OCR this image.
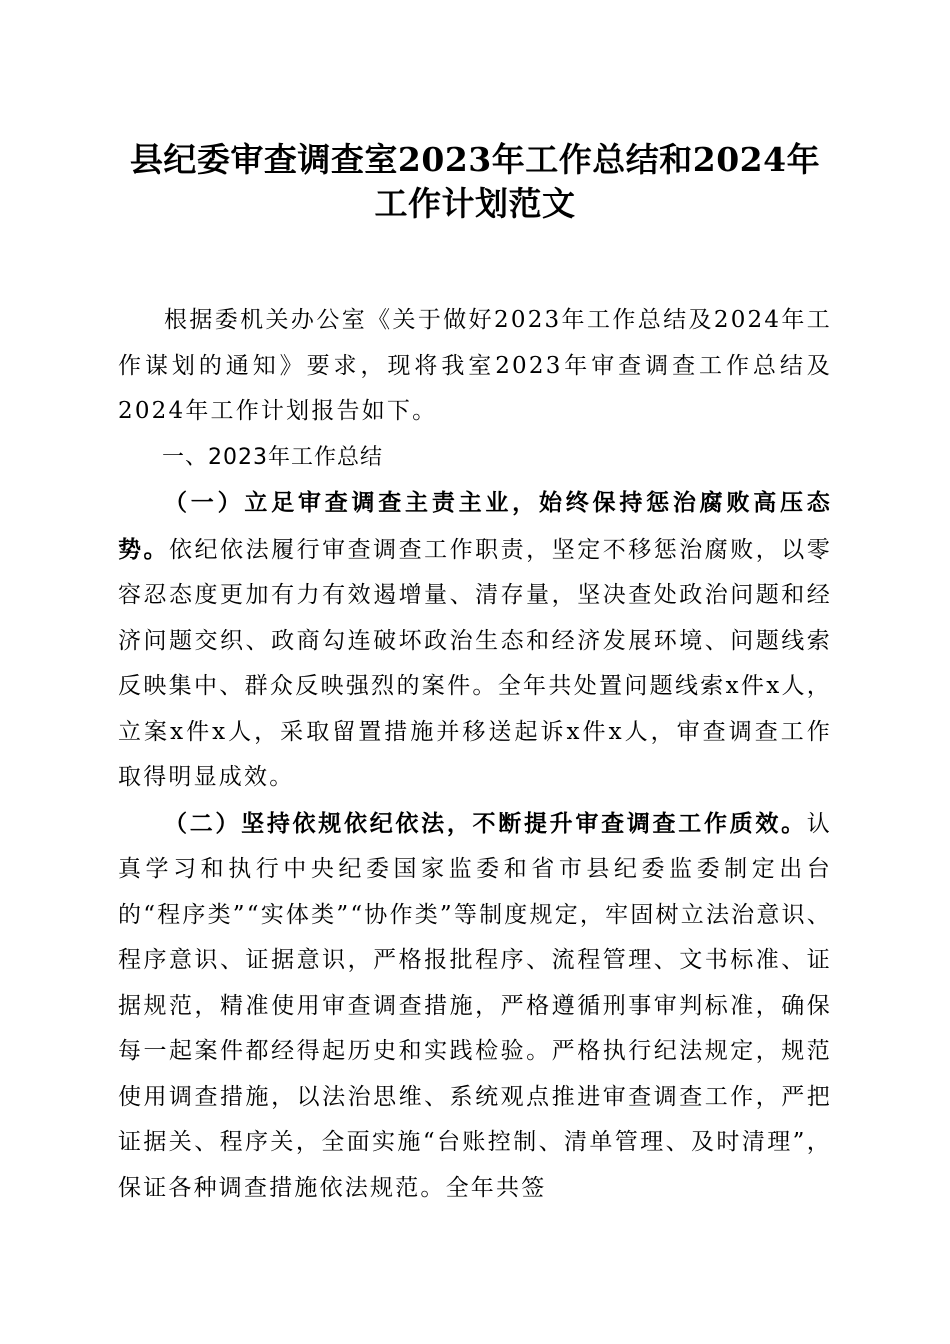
县纪委审查调查室2023年工作总结和2024年
工作计划范文

根据委机关办公室《关于做好2023年工作总结及2024年工作谋划的通知》要求，现将我室2023年审查调查工作总结及2024年工作计划报告如下。

一、2023年工作总结

（一）立足审查调查主责主业，始终保持惩治腐败高压态势。依纪依法履行审查调查工作职责，坚定不移惩治腐败，以零容忍态度更加有力有效遏增量、清存量，坚决查处政治问题和经济问题交织、政商勾连破坏政治生态和经济发展环境、问题线索反映集中、群众反映强烈的案件。全年共处置问题线索x件x人，立案x件x人，采取留置措施并移送起诉x件x人，审查调查工作取得明显成效。

（二）坚持依规依纪依法，不断提升审查调查工作质效。认真学习和执行中央纪委国家监委和省市县纪委监委制定出台的“程序类”“实体类”“协作类”等制度规定，牢固树立法治意识、程序意识、证据意识，严格报批程序、流程管理、文书标准、证据规范，精准使用审查调查措施，严格遵循刑事审判标准，确保每一起案件都经得起历史和实践检验。严格执行纪法规定，规范使用调查措施，以法治思维、系统观点推进审查调查工作，严把证据关、程序关，全面实施“台账控制、清单管理、及时清理”，保证各种调查措施依法规范。全年共签
